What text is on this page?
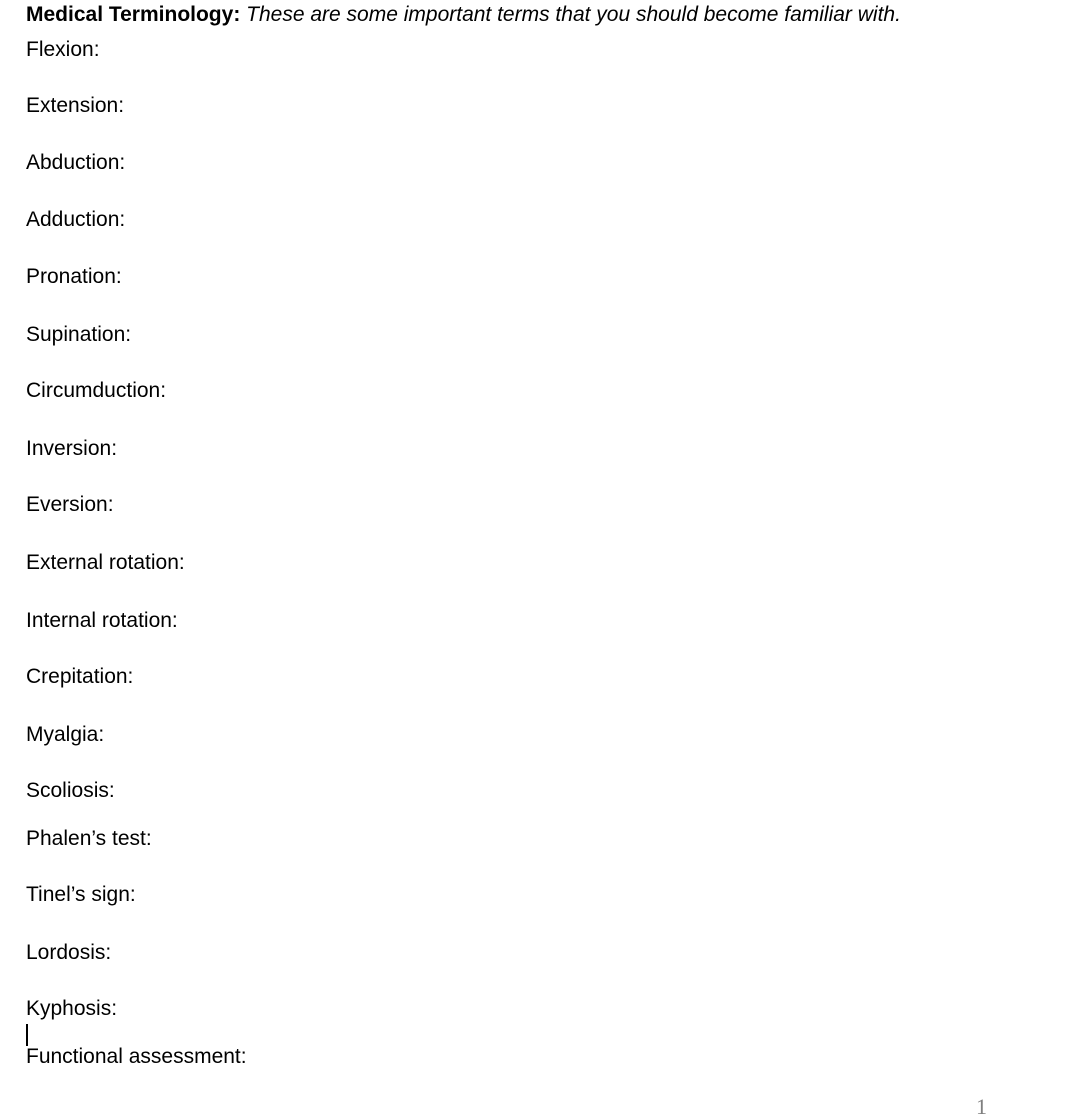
Medical Terminology: These are some important terms that you should become familiar with.
Flexion:
Extension:
Abduction:
Adduction:
Pronation:
Supination:
Circumduction:
Inversion:
Eversion:
External rotation:
Internal rotation:
Crepitation:
Myalgia:
Scoliosis:
Phalen’s test:
Tinel’s sign:
Lordosis:
Kyphosis:
Functional assessment:
1
